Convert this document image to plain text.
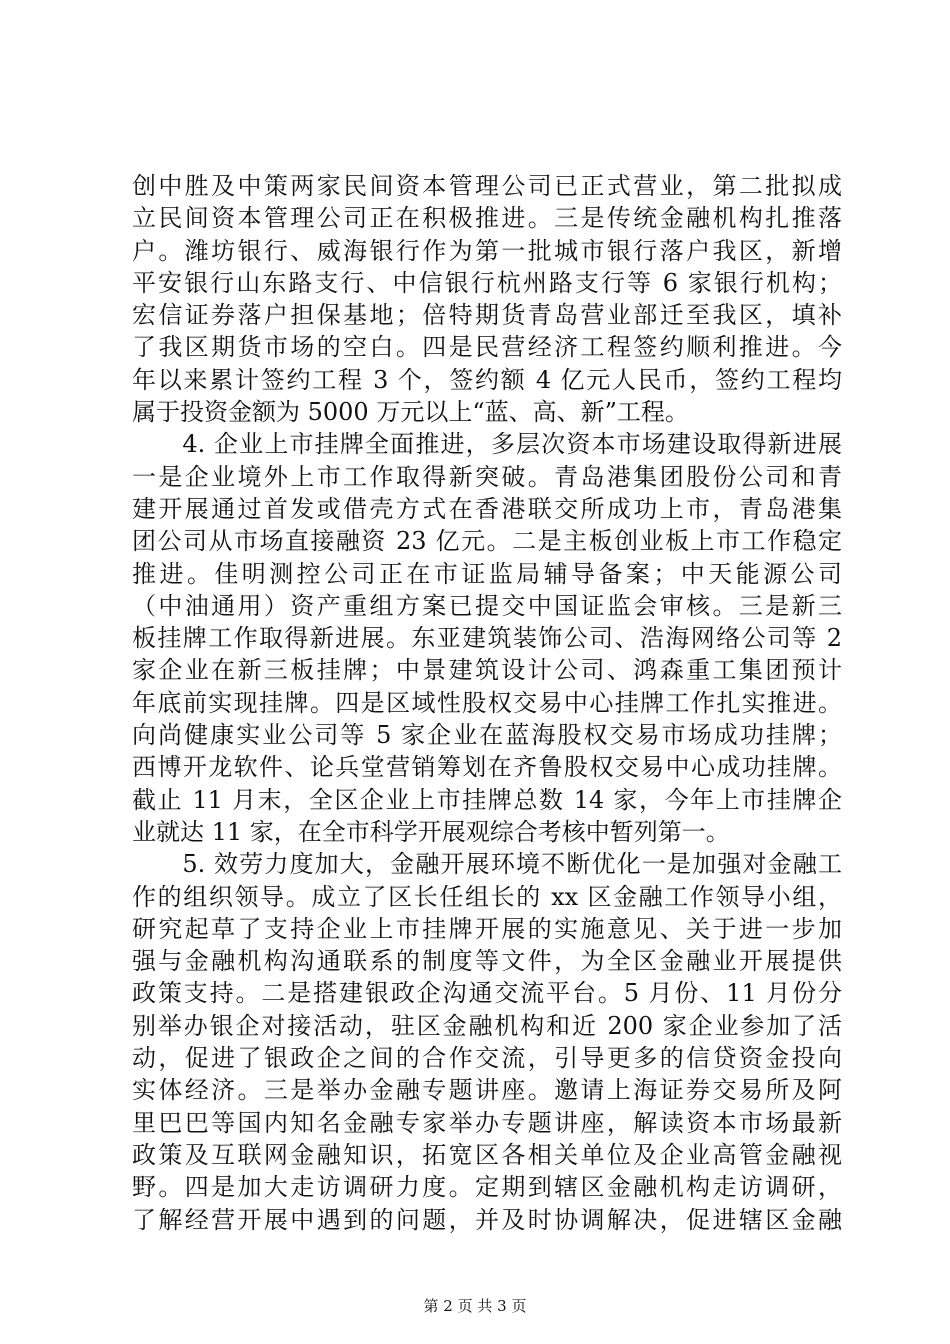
创中胜及中策两家民间资本管理公司已正式营业，第二批拟成
立民间资本管理公司正在积极推进。三是传统金融机构扎推落
户。潍坊银行、威海银行作为第一批城市银行落户我区，新增
平安银行山东路支行、中信银行杭州路支行等 6 家银行机构；
宏信证券落户担保基地；倍特期货青岛营业部迁至我区，填补
了我区期货市场的空白。四是民营经济工程签约顺利推进。今
年以来累计签约工程 3 个，签约额 4 亿元人民币，签约工程均
属于投资金额为 5000 万元以上“蓝、高、新”工程。
　　4. 企业上市挂牌全面推进，多层次资本市场建设取得新进展
一是企业境外上市工作取得新突破。青岛港集团股份公司和青
建开展通过首发或借壳方式在香港联交所成功上市，青岛港集
团公司从市场直接融资 23 亿元。二是主板创业板上市工作稳定
推进。佳明测控公司正在市证监局辅导备案；中天能源公司
（中油通用）资产重组方案已提交中国证监会审核。三是新三
板挂牌工作取得新进展。东亚建筑装饰公司、浩海网络公司等 2
家企业在新三板挂牌；中景建筑设计公司、鸿森重工集团预计
年底前实现挂牌。四是区域性股权交易中心挂牌工作扎实推进。
向尚健康实业公司等 5 家企业在蓝海股权交易市场成功挂牌；
西博开龙软件、论兵堂营销筹划在齐鲁股权交易中心成功挂牌。
截止 11 月末，全区企业上市挂牌总数 14 家，今年上市挂牌企
业就达 11 家，在全市科学开展观综合考核中暂列第一。
　　5. 效劳力度加大，金融开展环境不断优化一是加强对金融工
作的组织领导。成立了区长任组长的 xx 区金融工作领导小组，
研究起草了支持企业上市挂牌开展的实施意见、关于进一步加
强与金融机构沟通联系的制度等文件，为全区金融业开展提供
政策支持。二是搭建银政企沟通交流平台。5 月份、11 月份分
别举办银企对接活动，驻区金融机构和近 200 家企业参加了活
动，促进了银政企之间的合作交流，引导更多的信贷资金投向
实体经济。三是举办金融专题讲座。邀请上海证券交易所及阿
里巴巴等国内知名金融专家举办专题讲座，解读资本市场最新
政策及互联网金融知识，拓宽区各相关单位及企业高管金融视
野。四是加大走访调研力度。定期到辖区金融机构走访调研，
了解经营开展中遇到的问题，并及时协调解决，促进辖区金融
第 2 页 共 3 页
